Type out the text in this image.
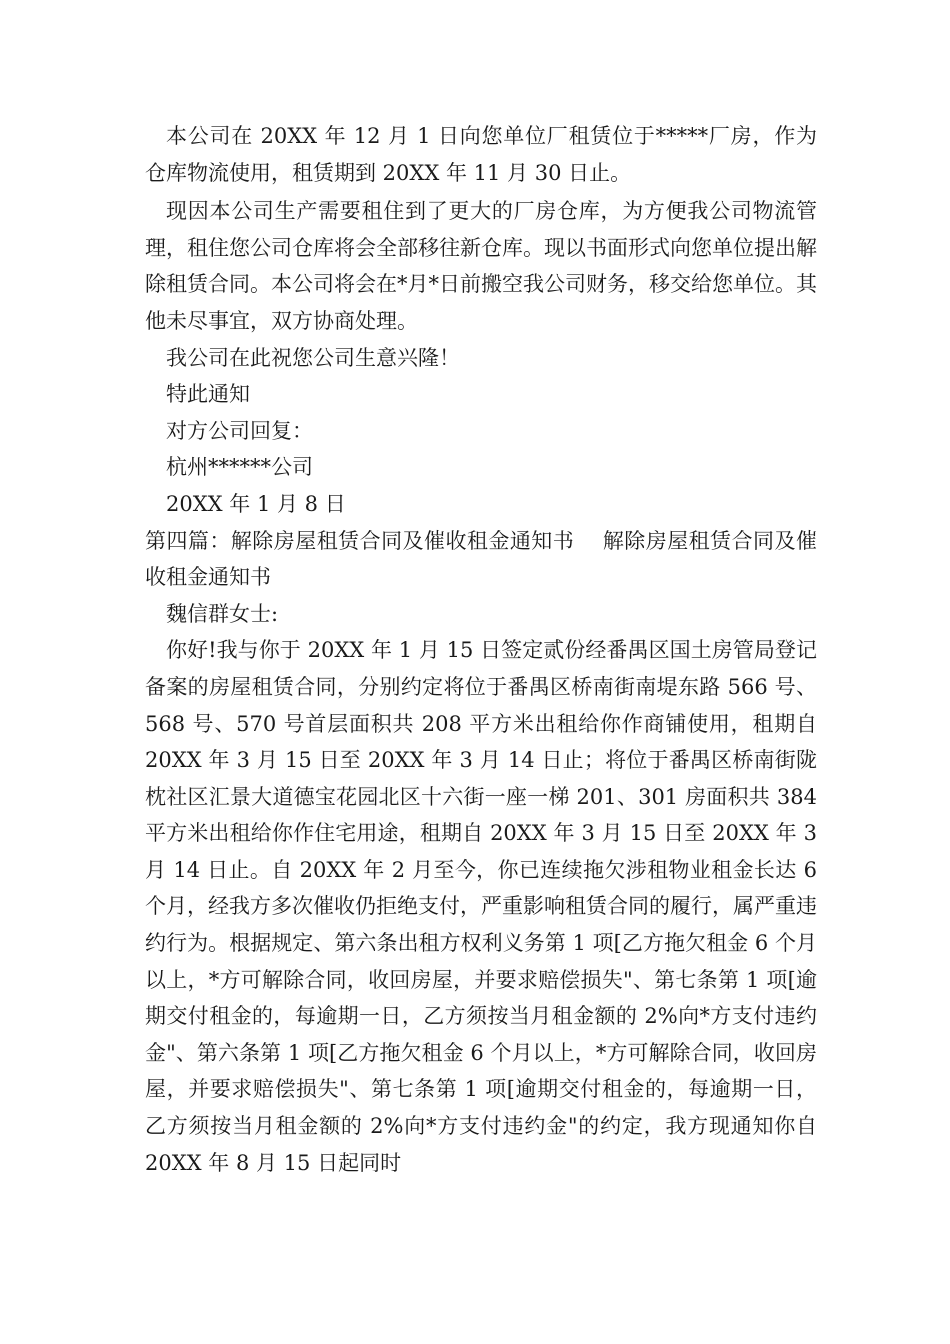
本公司在 20XX 年 12 月 1 日向您单位厂租赁位于*****厂房，作为仓库物流使用，租赁期到 20XX 年 11 月 30 日止。

现因本公司生产需要租住到了更大的厂房仓库，为方便我公司物流管理，租住您公司仓库将会全部移往新仓库。现以书面形式向您单位提出解除租赁合同。本公司将会在*月*日前搬空我公司财务，移交给您单位。其他未尽事宜，双方协商处理。

我公司在此祝您公司生意兴隆！

特此通知

对方公司回复：

杭州******公司

20XX 年 1 月 8 日

第四篇：解除房屋租赁合同及催收租金通知书　 解除房屋租赁合同及催收租金通知书

魏信群女士:

你好!我与你于 20XX 年 1 月 15 日签定贰份经番禺区国土房管局登记备案的房屋租赁合同，分别约定将位于番禺区桥南街南堤东路 566 号、568 号、570 号首层面积共 208 平方米出租给你作商铺使用，租期自 20XX 年 3 月 15 日至 20XX 年 3 月 14 日止；将位于番禺区桥南街陇枕社区汇景大道德宝花园北区十六街一座一梯 201、301 房面积共 384 平方米出租给你作住宅用途，租期自 20XX 年 3 月 15 日至 20XX 年 3 月 14 日止。自 20XX 年 2 月至今，你已连续拖欠涉租物业租金长达 6 个月，经我方多次催收仍拒绝支付，严重影响租赁合同的履行，属严重违约行为。根据规定、第六条出租方权利义务第 1 项[乙方拖欠租金 6 个月以上，*方可解除合同，收回房屋，并要求赔偿损失"、第七条第 1 项[逾期交付租金的，每逾期一日，乙方须按当月租金额的 2%向*方支付违约金"、第六条第 1 项[乙方拖欠租金 6 个月以上，*方可解除合同，收回房屋，并要求赔偿损失"、第七条第 1 项[逾期交付租金的，每逾期一日，乙方须按当月租金额的 2%向*方支付违约金"的约定，我方现通知你自 20XX 年 8 月 15 日起同时
